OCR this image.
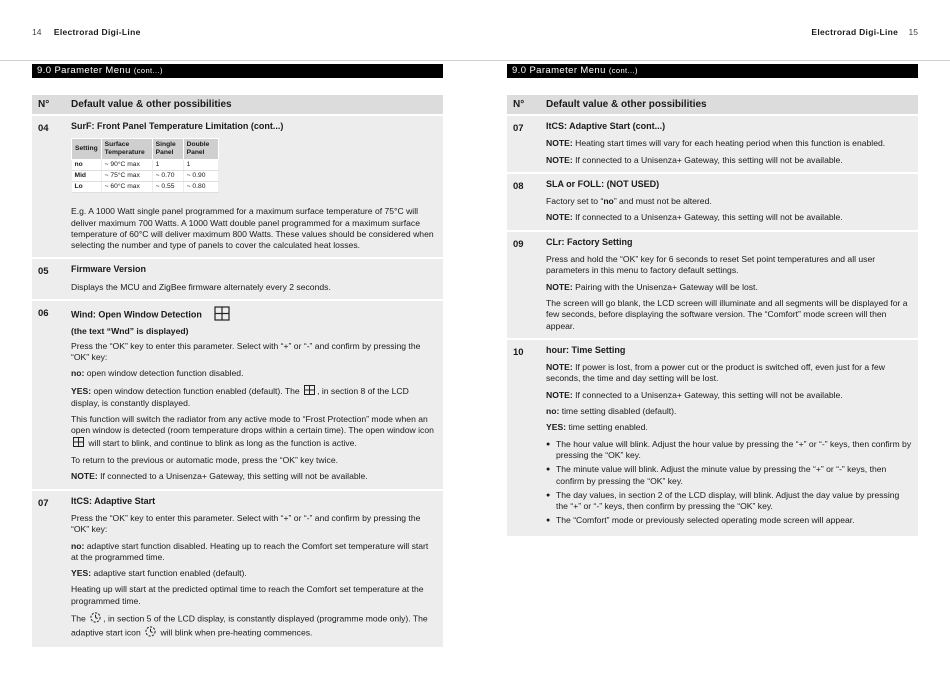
14 Electrorad Digi-Line	Electrorad Digi-Line 15
9.0 Parameter Menu (cont...)
N°	Default value & other possibilities
04	SurF: Front Panel Temperature Limitation (cont...)

Setting	Surface Temperature	Single Panel	Double Panel
no	~ 90°C max	1	1
Mid	~ 75°C max	~ 0.70	~ 0.90
Lo	~ 60°C max	~ 0.55	~ 0.80

E.g. A 1000 Watt single panel programmed for a maximum surface temperature of 75°C will deliver maximum 700 Watts. A 1000 Watt double panel programmed for a maximum surface temperature of 60°C will deliver maximum 800 Watts. These values should be considered when selecting the number and type of panels to cover the calculated heat losses.

05	Firmware Version

Displays the MCU and ZigBee firmware alternately every 2 seconds.

06	Wind: Open Window Detection

(the text “Wnd” is displayed)

Press the “OK” key to enter this parameter. Select with “+” or “-” and confirm by pressing the “OK” key:

no: open window detection function disabled.

YES: open window detection function enabled (default). The , in section 8 of the LCD display, is constantly displayed.

This function will switch the radiator from any active mode to “Frost Protection” mode when an open window is detected (room temperature drops within a certain time). The open window icon  will start to blink, and continue to blink as long as the function is active.

To return to the previous or automatic mode, press the “OK” key twice.

NOTE: If connected to a Unisenza+ Gateway, this setting will not be available.

07	ItCS: Adaptive Start

Press the “OK” key to enter this parameter. Select with “+” or “-” and confirm by pressing the “OK” key:

no: adaptive start function disabled. Heating up to reach the Comfort set temperature will start at the programmed time.

YES: adaptive start function enabled (default).

Heating up will start at the predicted optimal time to reach the Comfort set temperature at the programmed time.

The , in section 5 of the LCD display, is constantly displayed (programme mode only). The adaptive start icon  will blink when pre-heating commences.

9.0 Parameter Menu (cont...)
N°	Default value & other possibilities
07	ItCS: Adaptive Start (cont...)

NOTE: Heating start times will vary for each heating period when this function is enabled.

NOTE: If connected to a Unisenza+ Gateway, this setting will not be available.

08	SLA or FOLL: (NOT USED)

Factory set to “no” and must not be altered.

NOTE: If connected to a Unisenza+ Gateway, this setting will not be available.

09	CLr: Factory Setting

Press and hold the “OK” key for 6 seconds to reset Set point temperatures and all user parameters in this menu to factory default settings.

NOTE: Pairing with the Unisenza+ Gateway will be lost.

The screen will go blank, the LCD screen will illuminate and all segments will be displayed for a few seconds, before displaying the software version. The “Comfort” mode screen will then appear.

10	hour: Time Setting

NOTE: If power is lost, from a power cut or the product is switched off, even just for a few seconds, the time and day setting will be lost.

NOTE: If connected to a Unisenza+ Gateway, this setting will not be available.

no: time setting disabled (default).

YES: time setting enabled.

● The hour value will blink. Adjust the hour value by pressing the “+” or “-” keys, then confirm by pressing the “OK” key.
● The minute value will blink. Adjust the minute value by pressing the “+” or “-” keys, then confirm by pressing the “OK” key.
● The day values, in section 2 of the LCD display, will blink. Adjust the day value by pressing the “+” or “-” keys, then confirm by pressing the “OK” key.
● The “Comfort” mode or previously selected operating mode screen will appear.
